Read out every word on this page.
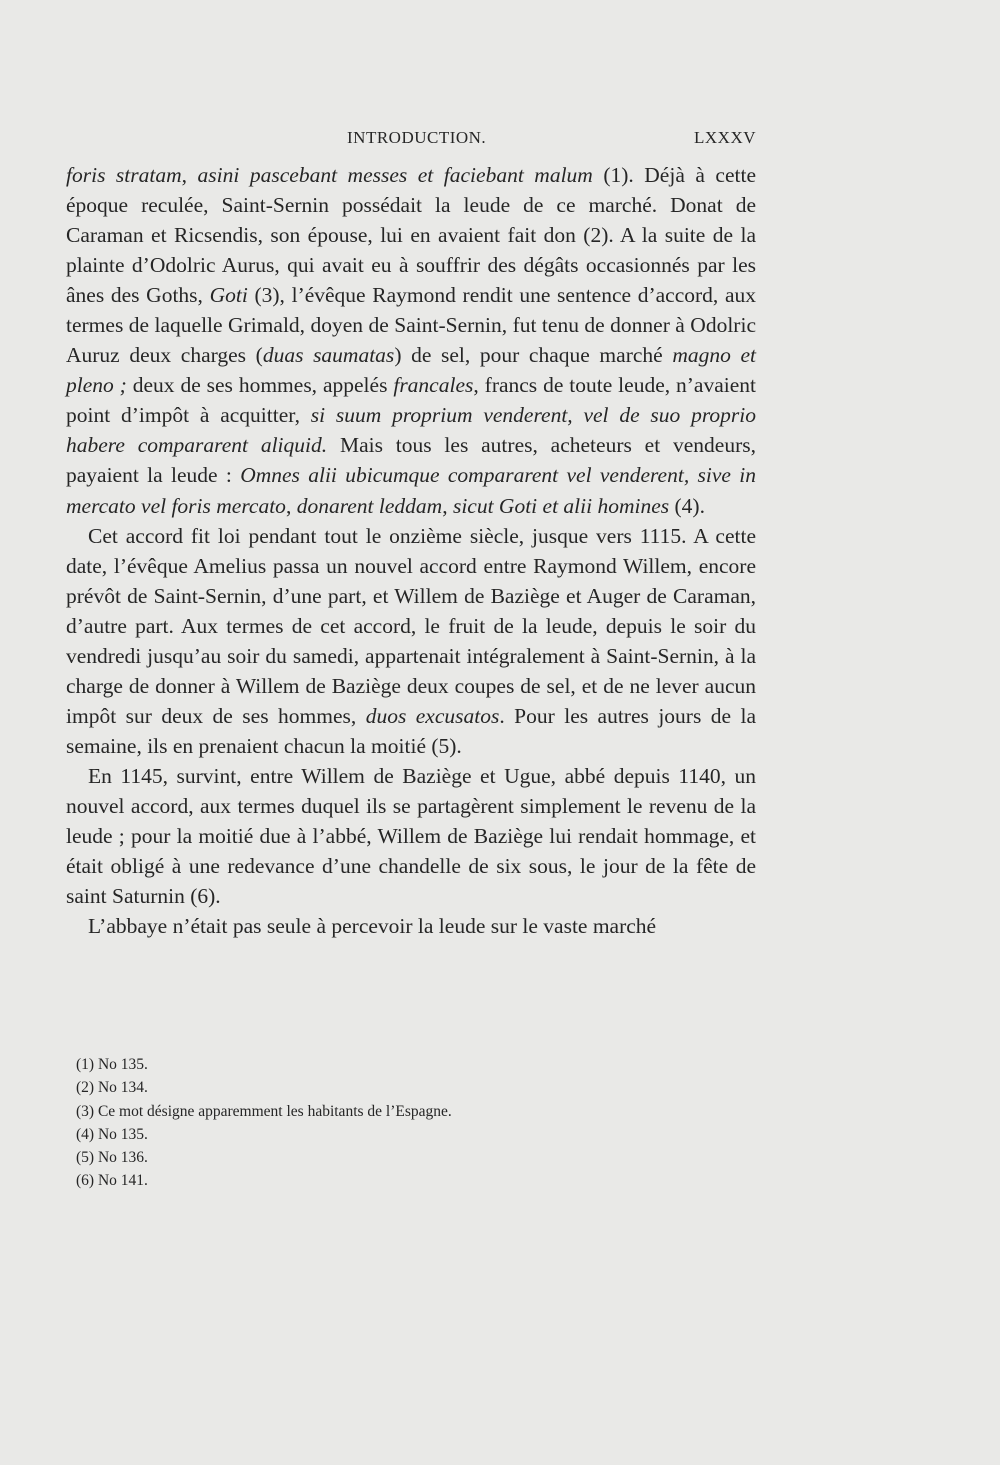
INTRODUCTION.	LXXXV

foris stratam, asini pascebant messes et faciebant malum (1). Déjà à cette époque reculée, Saint-Sernin possédait la leude de ce marché. Donat de Caraman et Ricsendis, son épouse, lui en avaient fait don (2). A la suite de la plainte d’Odolric Aurus, qui avait eu à souffrir des dégâts occasionnés par les ânes des Goths, Goti (3), l’évêque Raymond rendit une sentence d’accord, aux termes de laquelle Grimald, doyen de Saint-Sernin, fut tenu de donner à Odolric Auruz deux charges (duas saumatas) de sel, pour chaque marché magno et pleno ; deux de ses hommes, appelés francales, francs de toute leude, n’avaient point d’impôt à acquitter, si suum proprium venderent, vel de suo proprio habere compararent aliquid. Mais tous les autres, acheteurs et vendeurs, payaient la leude : Omnes alii ubicumque compararent vel venderent, sive in mercato vel foris mercato, donarent leddam, sicut Goti et alii homines (4).

Cet accord fit loi pendant tout le onzième siècle, jusque vers 1115. A cette date, l’évêque Amelius passa un nouvel accord entre Raymond Willem, encore prévôt de Saint-Sernin, d’une part, et Willem de Baziège et Auger de Caraman, d’autre part. Aux termes de cet accord, le fruit de la leude, depuis le soir du vendredi jusqu’au soir du samedi, appartenait intégralement à Saint-Sernin, à la charge de donner à Willem de Baziège deux coupes de sel, et de ne lever aucun impôt sur deux de ses hommes, duos excusatos. Pour les autres jours de la semaine, ils en prenaient chacun la moitié (5).

En 1145, survint, entre Willem de Baziège et Ugue, abbé depuis 1140, un nouvel accord, aux termes duquel ils se partagèrent simplement le revenu de la leude ; pour la moitié due à l’abbé, Willem de Baziège lui rendait hommage, et était obligé à une redevance d’une chandelle de six sous, le jour de la fête de saint Saturnin (6).

L’abbaye n’était pas seule à percevoir la leude sur le vaste marché

(1) No 135.
(2) No 134.
(3) Ce mot désigne apparemment les habitants de l’Espagne.
(4) No 135.
(5) No 136.
(6) No 141.
